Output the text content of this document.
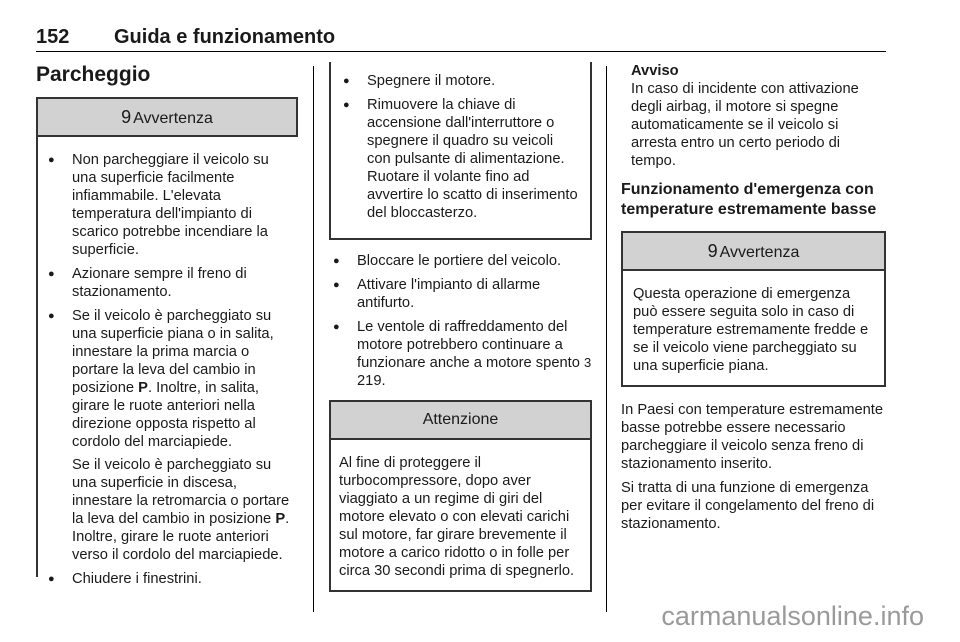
152 Guida e funzionamento
Parcheggio
9 Avvertenza
● Non parcheggiare il veicolo su una superficie facilmente infiammabile. L'elevata temperatura dell'impianto di scarico potrebbe incendiare la superficie.
● Azionare sempre il freno di stazionamento.

● Se il veicolo è parcheggiato su una superficie piana o in salita, innestare la prima marcia o portare la leva del cambio in posizione P. Inoltre, in salita, girare le ruote anteriori nella direzione opposta rispetto al cordolo del marciapiede.

Se il veicolo è parcheggiato su una superficie in discesa, innestare la retromarcia o portare la leva del cambio in posizione P. Inoltre, girare le ruote anteriori verso il cordolo del marciapiede.

● Chiudere i finestrini.
● Spegnere il motore.
● Rimuovere la chiave di accensione dall'interruttore o spegnere il quadro su veicoli con pulsante di alimentazione. Ruotare il volante fino ad avvertire lo scatto di inserimento del bloccasterzo.
● Bloccare le portiere del veicolo.
● Attivare l'impianto di allarme antifurto.
● Le ventole di raffreddamento del motore potrebbero continuare a funzionare anche a motore spento 3 219.
Attenzione

Al fine di proteggere il turbocompressore, dopo aver viaggiato a un regime di giri del motore elevato o con elevati carichi sul motore, far girare brevemente il motore a carico ridotto o in folle per circa 30 secondi prima di spegnerlo.

Avviso
In caso di incidente con attivazione degli airbag, il motore si spegne automaticamente se il veicolo si arresta entro un certo periodo di tempo.
Funzionamento d'emergenza con temperature estremamente basse
9 Avvertenza

Questa operazione di emergenza può essere seguita solo in caso di temperature estremamente fredde e se il veicolo viene parcheggiato su una superficie piana.

In Paesi con temperature estremamente basse potrebbe essere necessario parcheggiare il veicolo senza freno di stazionamento inserito.

Si tratta di una funzione di emergenza per evitare il congelamento del freno di stazionamento.

carmanualsonline.info
